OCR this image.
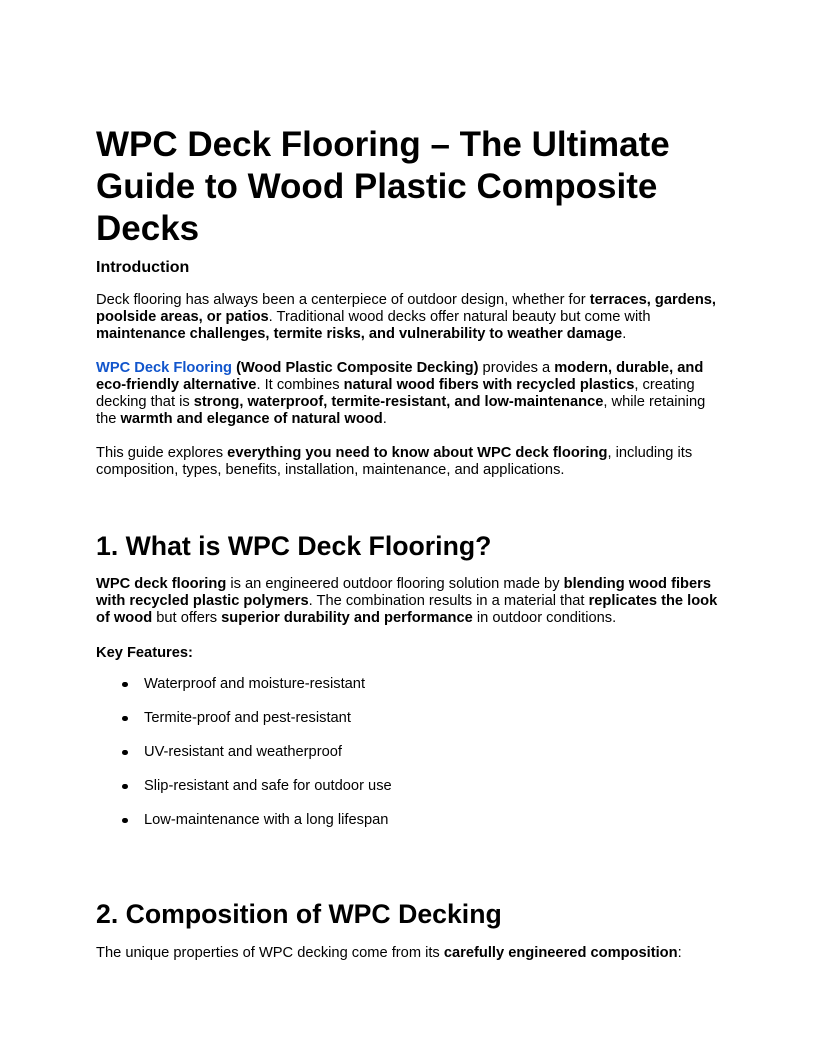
WPC Deck Flooring – The Ultimate Guide to Wood Plastic Composite Decks
Introduction

Deck flooring has always been a centerpiece of outdoor design, whether for terraces, gardens, poolside areas, or patios. Traditional wood decks offer natural beauty but come with maintenance challenges, termite risks, and vulnerability to weather damage.

WPC Deck Flooring (Wood Plastic Composite Decking) provides a modern, durable, and eco-friendly alternative. It combines natural wood fibers with recycled plastics, creating decking that is strong, waterproof, termite-resistant, and low-maintenance, while retaining the warmth and elegance of natural wood.

This guide explores everything you need to know about WPC deck flooring, including its composition, types, benefits, installation, maintenance, and applications.

1. What is WPC Deck Flooring?

WPC deck flooring is an engineered outdoor flooring solution made by blending wood fibers with recycled plastic polymers. The combination results in a material that replicates the look of wood but offers superior durability and performance in outdoor conditions.

Key Features:

Waterproof and moisture-resistant
Termite-proof and pest-resistant
UV-resistant and weatherproof
Slip-resistant and safe for outdoor use
Low-maintenance with a long lifespan
2. Composition of WPC Decking

The unique properties of WPC decking come from its carefully engineered composition:
